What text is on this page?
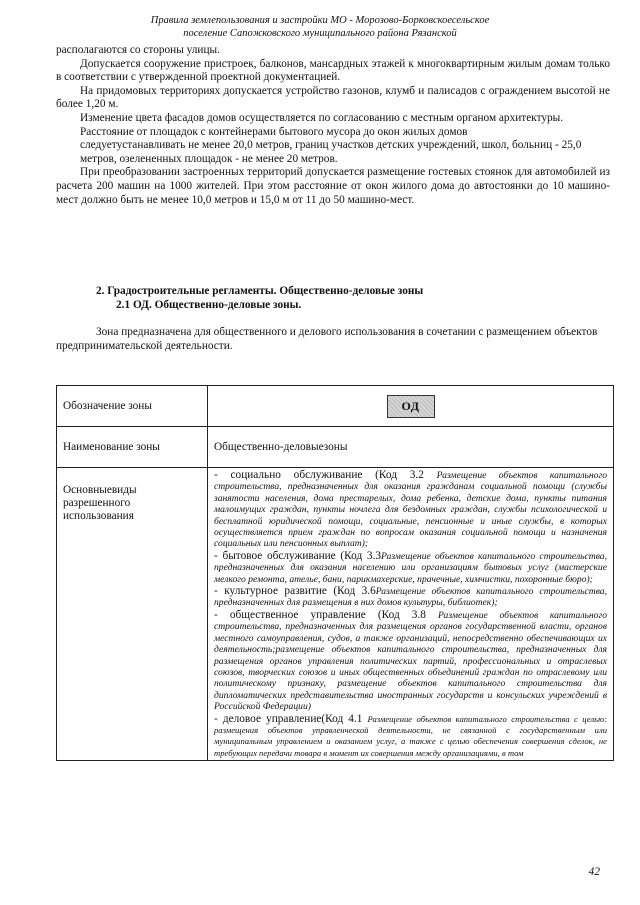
Правила землепользования и застройки МО - Морозово-Борковскоесельское
поселение Сапожковского муниципального района Рязанской

располагаются со стороны улицы.

Допускается сооружение пристроек, балконов, мансардных этажей к многоквартирным жилым домам только в соответствии с утвержденной проектной документацией.

На придомовых территориях допускается устройство газонов, клумб и палисадов с ограждением высотой не более 1,20 м.

Изменение цвета фасадов домов осуществляется по согласованию с местным органом архитектуры.

Расстояние от площадок с контейнерами бытового мусора до окон жилых домов

следуетустанавливать не менее 20,0 метров, границ участков детских учреждений, школ, больниц - 25,0 метров, озелененных площадок - не менее 20 метров.

При преобразовании застроенных территорий допускается размещение гостевых стоянок для автомобилей из расчета 200 машин на 1000 жителей. При этом расстояние от окон жилого дома до автостоянки до 10 машино-мест должно быть не менее 10,0 метров и 15,0 м от 11 до 50 машино-мест.

2. Градостроительные регламенты. Общественно-деловые зоны
2.1 ОД. Общественно-деловые зоны.

Зона предназначена для общественного и делового использования в сочетании с размещением объектов предпринимательской деятельности.

Обозначение зоны	ОД

Наименование зоны	Общественно-деловыезоны
Основныевиды разрешенного использования	- социально обслуживание (Код 3.2 Размещение объектов капитального строительства, предназначенных для оказания гражданам социальной помощи (службы занятости населения, дома престарелых, дома ребенка, детские дома, пункты питания малоимущих граждан, пункты ночлега для бездомных граждан, службы психологической и бесплатной юридической помощи, социальные, пенсионные и иные службы, в которых осуществляется прием граждан по вопросам оказания социальной помощи и назначения социальных или пенсионных выплат);

- бытовое обслуживание (Код 3.3Размещение объектов капитального строительства, предназначенных для оказания населению или организациям бытовых услуг (мастерские мелкого ремонта, ателье, бани, парикмахерские, прачечные, химчистки, похоронные бюро);

- культурное развитие (Код 3.6Размещение объектов капитального строительства, предназначенных для размещения в них домов культуры, библиотек);

- общественное управление (Код 3.8 Размещение объектов капитального строительства, предназначенных для размещения органов государственной власти, органов местного самоуправления, судов, а также организаций, непосредственно обеспечивающих их деятельность;размещение объектов капитального строительства, предназначенных для размещения органов управления политических партий, профессиональных и отраслевых союзов, творческих союзов и иных общественных объединений граждан по отраслевому или политическому признаку, размещение объектов капитального строительства для дипломатических представительства иностранных государств и консульских учреждений в Российской Федерации)

- деловое управление(Код 4.1 Размещение объектов капитального строительства с целью: размещения объектов управленческой деятельности, не связанной с государственным или муниципальным управлением и оказанием услуг, а также с целью обеспечения совершения сделок, не требующих передачи товара в момент их совершения между организациями, в том

42
